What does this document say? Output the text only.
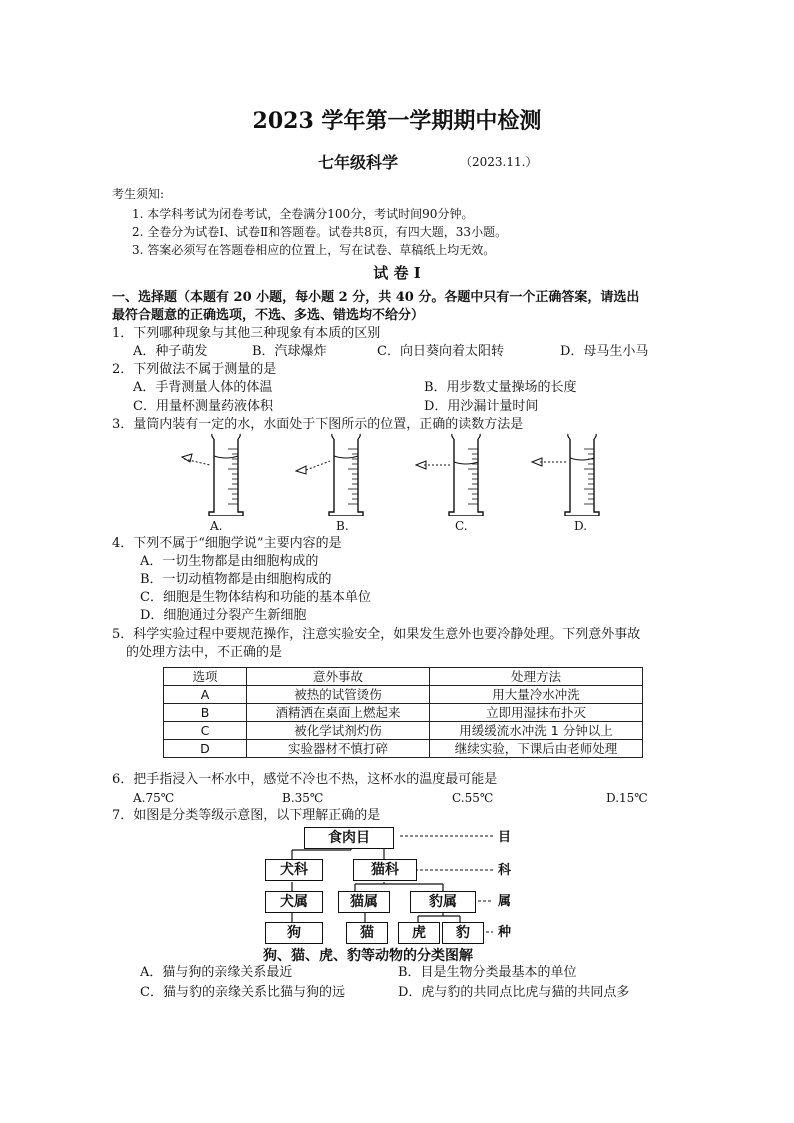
2023 学年第一学期期中检测
七年级科学	（2023.11.）
考生须知:
1. 本学科考试为闭卷考试，全卷满分100分，考试时间90分钟。
2. 全卷分为试卷Ⅰ、试卷Ⅱ和答题卷。试卷共8页，有四大题，33小题。
3. 答案必须写在答题卷相应的位置上，写在试卷、草稿纸上均无效。
试 卷 Ⅰ
一、选择题（本题有 20 小题，每小题 2 分，共 40 分。各题中只有一个正确答案，请选出
最符合题意的正确选项，不选、多选、错选均不给分）
1．下列哪种现象与其他三种现象有本质的区别
A．种子萌发	B．汽球爆炸	C．向日葵向着太阳转	D．母马生小马
2．下列做法不属于测量的是
A．手背测量人体的体温	B．用步数丈量操场的长度
C．用量杯测量药液体积	D．用沙漏计量时间
3．量筒内装有一定的水，水面处于下图所示的位置，正确的读数方法是
A.	B.	C.	D.
4．下列不属于“细胞学说”主要内容的是
A．一切生物都是由细胞构成的
B．一切动植物都是由细胞构成的
C．细胞是生物体结构和功能的基本单位
D．细胞通过分裂产生新细胞
5．科学实验过程中要规范操作，注意实验安全，如果发生意外也要冷静处理。下列意外事故
的处理方法中，不正确的是
选项	意外事故	处理方法
A	被热的试管烫伤	用大量冷水冲洗
B	酒精洒在桌面上燃起来	立即用湿抹布扑灭
C	被化学试剂灼伤	用缓缓流水冲洗 1 分钟以上
D	实验器材不慎打碎	继续实验，下课后由老师处理
6．把手指浸入一杯水中，感觉不冷也不热，这杯水的温度最可能是
A.75℃	B.35℃	C.55℃	D.15℃
7．如图是分类等级示意图，以下理解正确的是
食肉目
犬科	猫科
犬属	猫属	豹属
狗	猫	虎	豹
目
科
属
种
狗、猫、虎、豹等动物的分类图解
A．猫与狗的亲缘关系最近	B．目是生物分类最基本的单位
C．猫与豹的亲缘关系比猫与狗的远	D．虎与豹的共同点比虎与猫的共同点多
